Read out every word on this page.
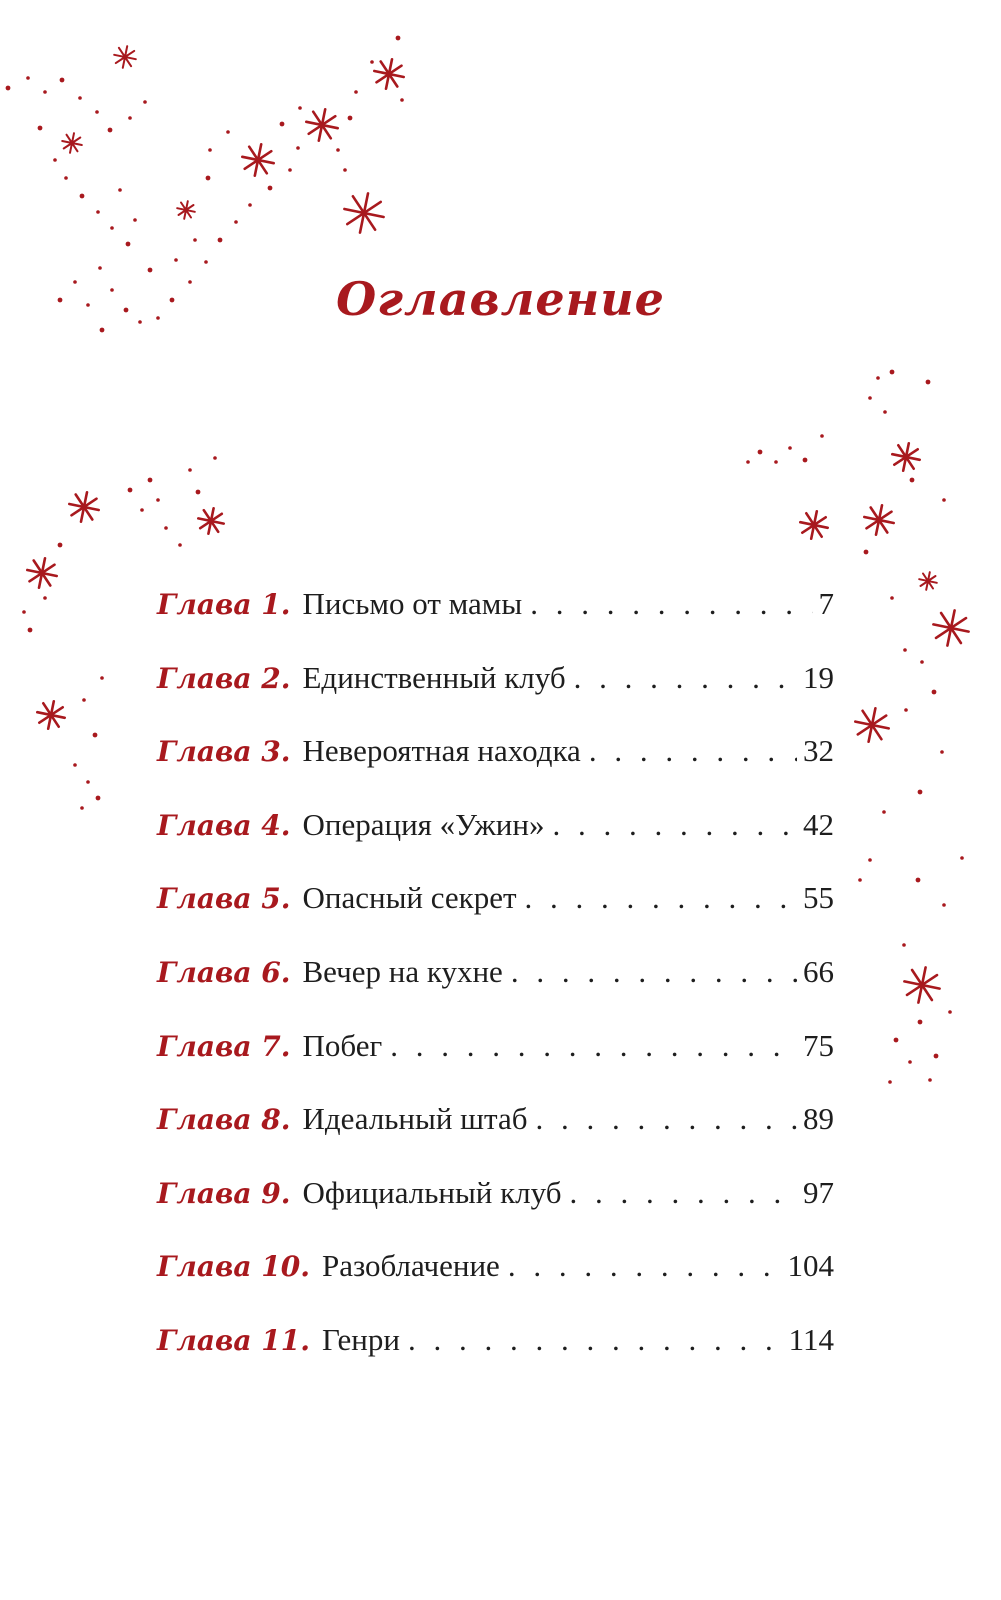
Оглавление
Глава 1. Письмо от мамы . . .	7
Глава 2. Единственный клуб . . .	19
Глава 3. Невероятная находка . . .	32
Глава 4. Операция «Ужин» . . .	42
Глава 5. Опасный секрет . . .	55
Глава 6. Вечер на кухне . . .	66
Глава 7. Побег . . .	75
Глава 8. Идеальный штаб . . .	89
Глава 9. Официальный клуб . . .	97
Глава 10. Разоблачение . . .	104
Глава 11. Генри . . .	114
